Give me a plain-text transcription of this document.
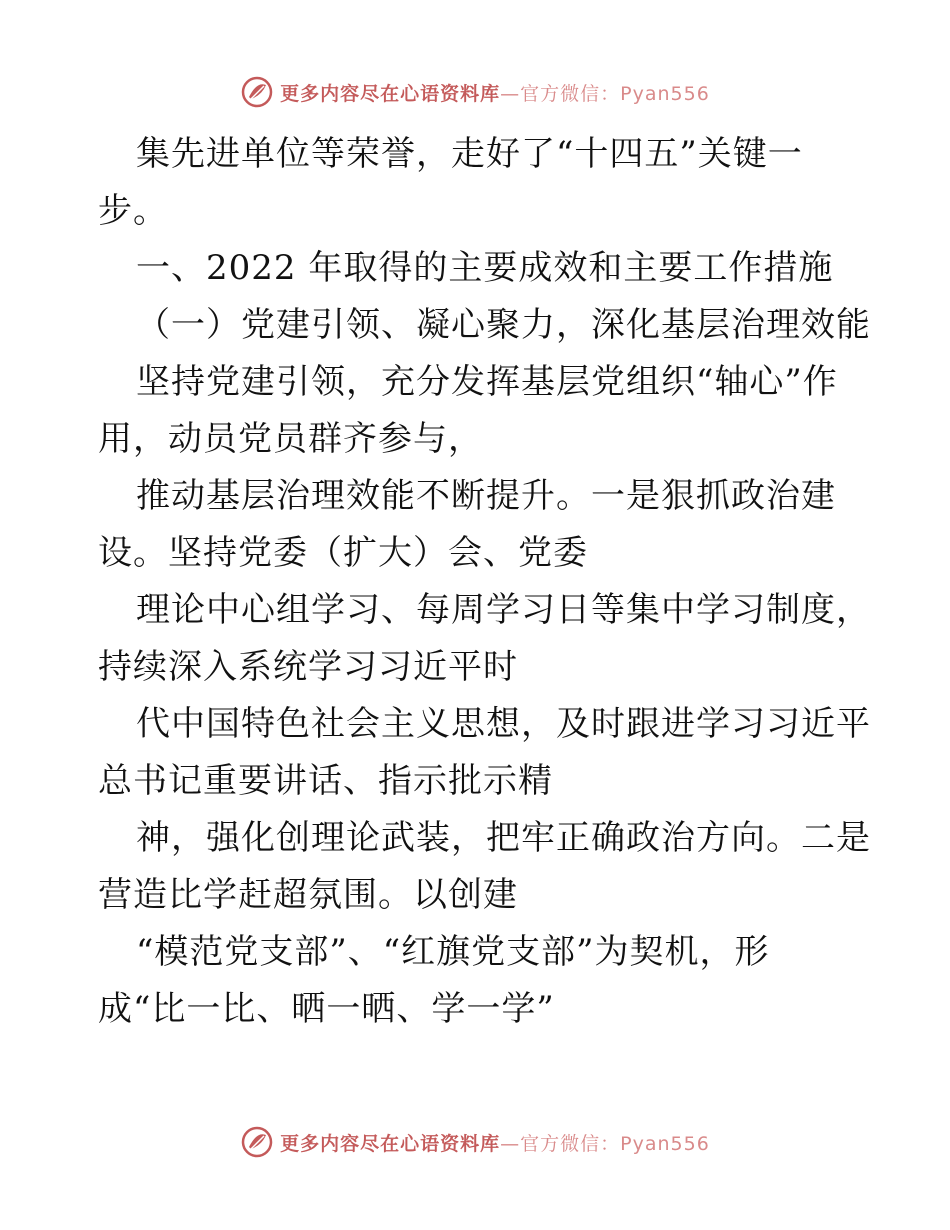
更多内容尽在心语资料库—官方微信：Pyan556
集先进单位等荣誉，走好了“十四五”关键一
步。
一、2022 年取得的主要成效和主要工作措施
（一）党建引领、凝心聚力，深化基层治理效能
坚持党建引领，充分发挥基层党组织“轴心”作
用，动员党员群齐参与，
推动基层治理效能不断提升。一是狠抓政治建
设。坚持党委（扩大）会、党委
理论中心组学习、每周学习日等集中学习制度，
持续深入系统学习习近平时
代中国特色社会主义思想，及时跟进学习习近平
总书记重要讲话、指示批示精
神，强化创理论武装，把牢正确政治方向。二是
营造比学赶超氛围。以创建
“模范党支部”、“红旗党支部”为契机，形
成“比一比、晒一晒、学一学”
更多内容尽在心语资料库—官方微信：Pyan556
